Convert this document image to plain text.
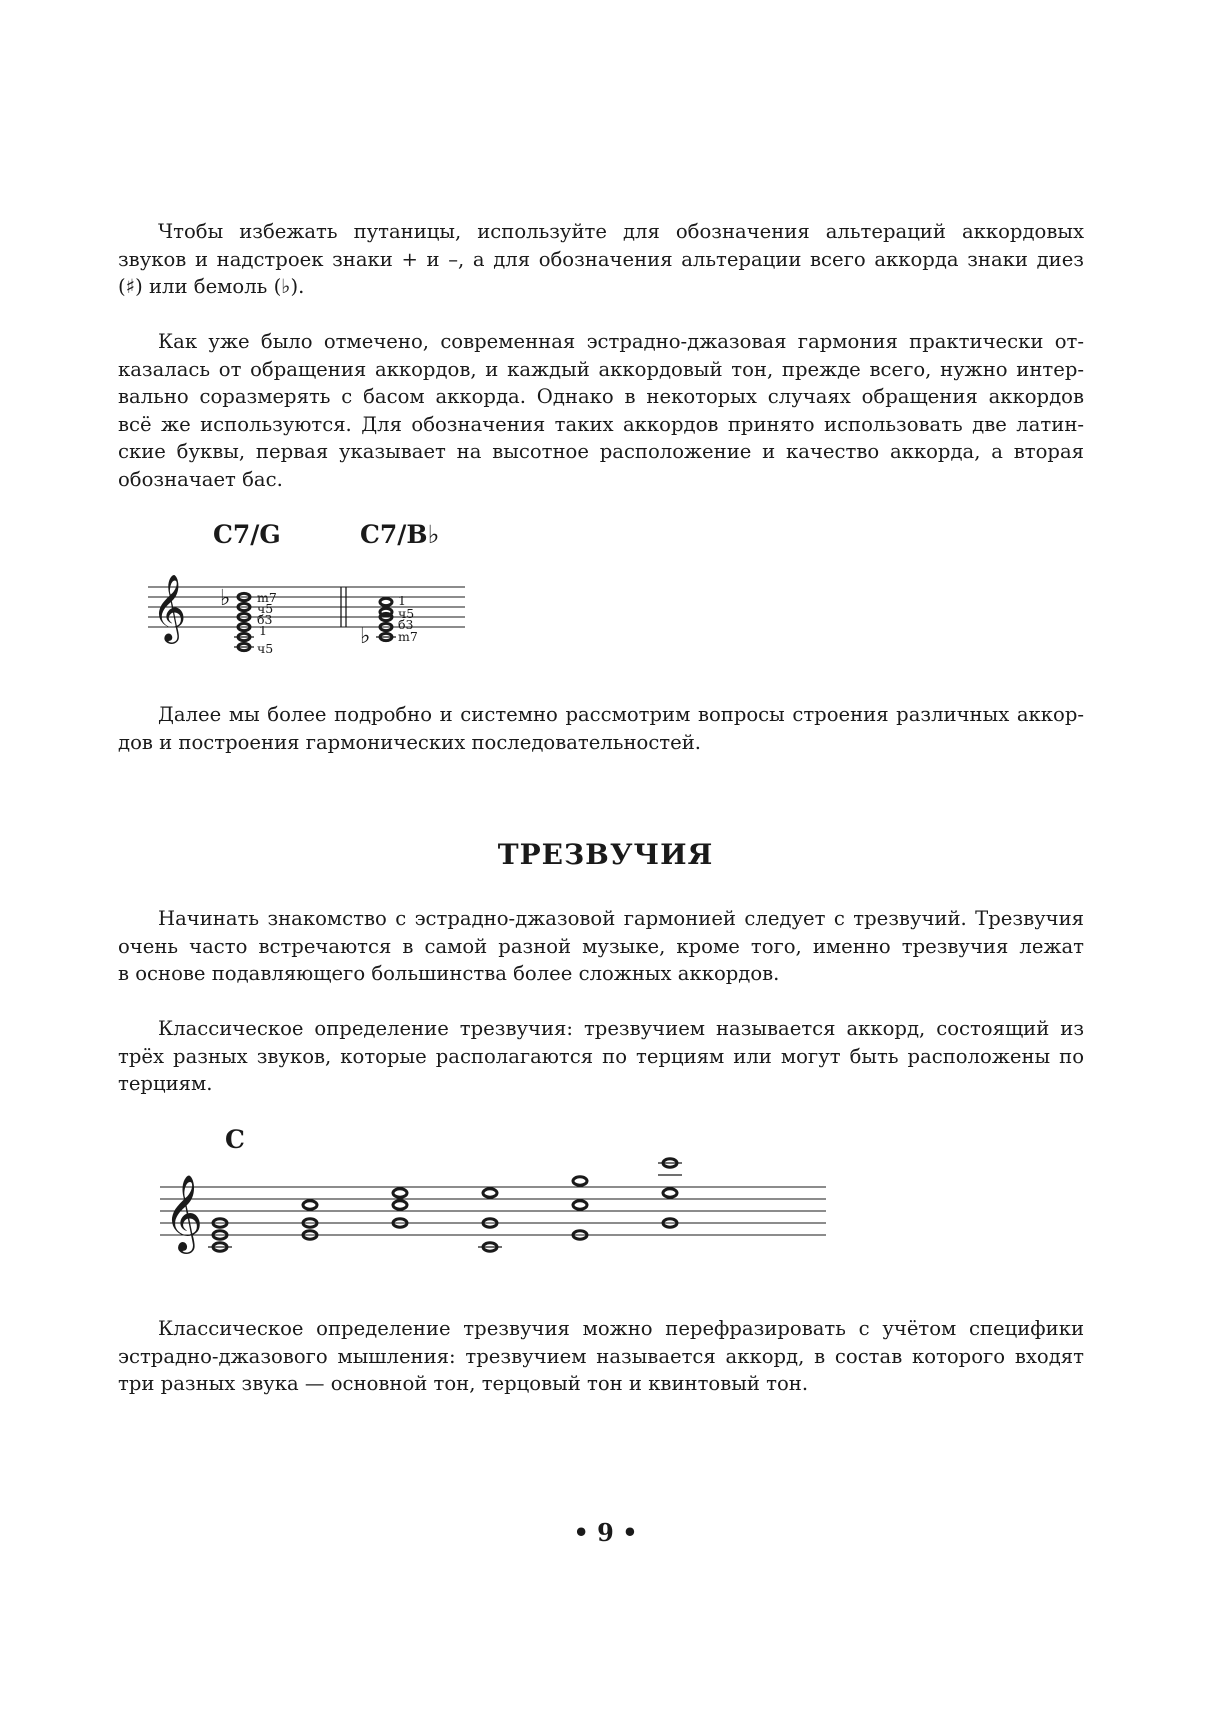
Чтобы избежать путаницы, используйте для обозначения альтераций аккордовых
звуков и надстроек знаки + и –, а для обозначения альтерации всего аккорда знаки диез
(♯) или бемоль (♭).
Как уже было отмечено, современная эстрадно-джазовая гармония практически от-
казалась от обращения аккордов, и каждый аккордовый тон, прежде всего, нужно интер-
вально соразмерять с басом аккорда. Однако в некоторых случаях обращения аккордов
всё же используются. Для обозначения таких аккордов принято использовать две латин-
ские буквы, первая указывает на высотное расположение и качество аккорда, а вторая
обозначает бас.
C7/G	C7/B♭
𝄞 ♭ m7
ч5
б3
1
ч5	♭
1
ч5
б3
m7
Далее мы более подробно и системно рассмотрим вопросы строения различных аккор-
дов и построения гармонических последовательностей.
ТРЕЗВУЧИЯ
Начинать знакомство с эстрадно-джазовой гармонией следует с трезвучий. Трезвучия
очень часто встречаются в самой разной музыке, кроме того, именно трезвучия лежат
в основе подавляющего большинства более сложных аккордов.
Классическое определение трезвучия: трезвучием называется аккорд, состоящий из
трёх разных звуков, которые располагаются по терциям или могут быть расположены по
терциям.
C
𝄞
Классическое определение трезвучия можно перефразировать с учётом специфики
эстрадно-джазового мышления: трезвучием называется аккорд, в состав которого входят
три разных звука — основной тон, терцовый тон и квинтовый тон.
• 9 •
